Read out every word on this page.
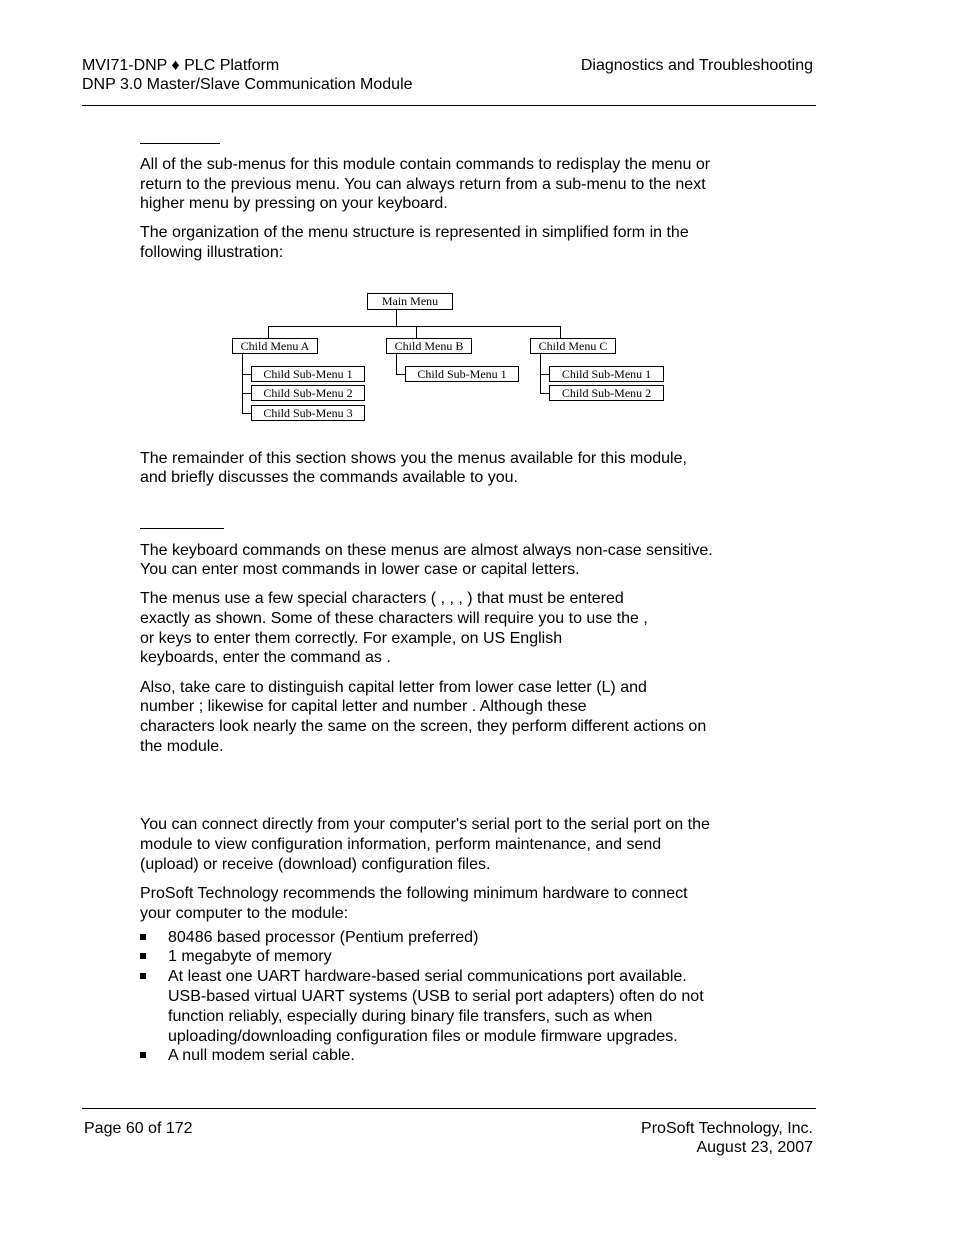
MVI71-DNP ♦ PLC Platform
DNP 3.0 Master/Slave Communication Module
Diagnostics and Troubleshooting
All of the sub-menus for this module contain commands to redisplay the menu or
return to the previous menu. You can always return from a sub-menu to the next
higher menu by pressing on your keyboard.
The organization of the menu structure is represented in simplified form in the
following illustration:
Main Menu
Child Menu A	Child Menu B	Child Menu C
Child Sub-Menu 1
Child Sub-Menu 2
Child Sub-Menu 3
Child Sub-Menu 1	Child Sub-Menu 1
Child Sub-Menu 2
The remainder of this section shows you the menus available for this module,
and briefly discusses the commands available to you.
The keyboard commands on these menus are almost always non-case sensitive.
You can enter most commands in lower case or capital letters.
The menus use a few special characters ( , , , ) that must be entered
exactly as shown. Some of these characters will require you to use the ,
or keys to enter them correctly. For example, on US English
keyboards, enter the command as .
Also, take care to distinguish capital letter from lower case letter (L) and
number ; likewise for capital letter and number . Although these
characters look nearly the same on the screen, they perform different actions on
the module.
You can connect directly from your computer's serial port to the serial port on the
module to view configuration information, perform maintenance, and send
(upload) or receive (download) configuration files.
ProSoft Technology recommends the following minimum hardware to connect
your computer to the module:
80486 based processor (Pentium preferred)
1 megabyte of memory
At least one UART hardware-based serial communications port available.
USB-based virtual UART systems (USB to serial port adapters) often do not
function reliably, especially during binary file transfers, such as when
uploading/downloading configuration files or module firmware upgrades.
A null modem serial cable.
Page 60 of 172	ProSoft Technology, Inc.
August 23, 2007
